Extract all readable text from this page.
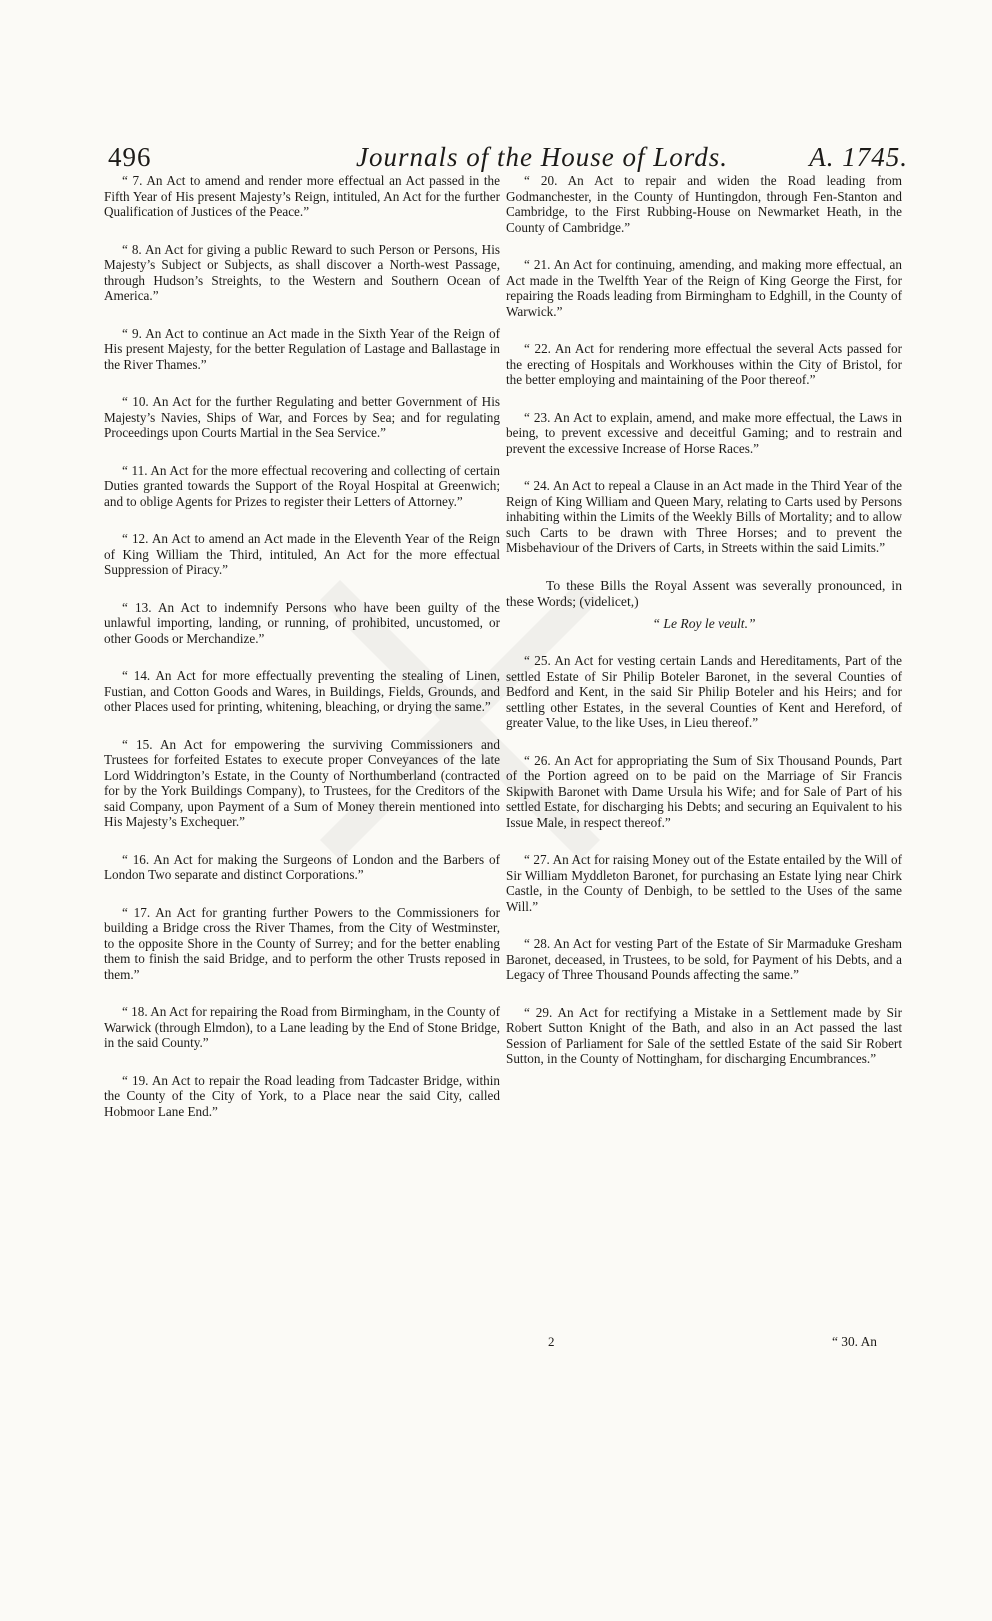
496	Journals of the House of Lords.	A. 1745.

“ 7. An Act to amend and render more effectual an Act passed in the Fifth Year of His present Majesty’s Reign, intituled, An Act for the further Qualification of Justices of the Peace.”

“ 8. An Act for giving a public Reward to such Person or Persons, His Majesty’s Subject or Subjects, as shall discover a North-west Passage, through Hudson’s Streights, to the Western and Southern Ocean of America.”

“ 9. An Act to continue an Act made in the Sixth Year of the Reign of His present Majesty, for the better Regulation of Lastage and Ballastage in the River Thames.”

“ 10. An Act for the further Regulating and better Government of His Majesty’s Navies, Ships of War, and Forces by Sea; and for regulating Proceedings upon Courts Martial in the Sea Service.”

“ 11. An Act for the more effectual recovering and collecting of certain Duties granted towards the Support of the Royal Hospital at Greenwich; and to oblige Agents for Prizes to register their Letters of Attorney.”

“ 12. An Act to amend an Act made in the Eleventh Year of the Reign of King William the Third, intituled, An Act for the more effectual Suppression of Piracy.”

“ 13. An Act to indemnify Persons who have been guilty of the unlawful importing, landing, or running, of prohibited, uncustomed, or other Goods or Merchandize.”

“ 14. An Act for more effectually preventing the stealing of Linen, Fustian, and Cotton Goods and Wares, in Buildings, Fields, Grounds, and other Places used for printing, whitening, bleaching, or drying the same.”

“ 15. An Act for empowering the surviving Commissioners and Trustees for forfeited Estates to execute proper Conveyances of the late Lord Widdrington’s Estate, in the County of Northumberland (contracted for by the York Buildings Company), to Trustees, for the Creditors of the said Company, upon Payment of a Sum of Money therein mentioned into His Majesty’s Exchequer.”

“ 16. An Act for making the Surgeons of London and the Barbers of London Two separate and distinct Corporations.”

“ 17. An Act for granting further Powers to the Commissioners for building a Bridge cross the River Thames, from the City of Westminster, to the opposite Shore in the County of Surrey; and for the better enabling them to finish the said Bridge, and to perform the other Trusts reposed in them.”

“ 18. An Act for repairing the Road from Birmingham, in the County of Warwick (through Elmdon), to a Lane leading by the End of Stone Bridge, in the said County.”

“ 19. An Act to repair the Road leading from Tadcaster Bridge, within the County of the City of York, to a Place near the said City, called Hobmoor Lane End.”

“ 20. An Act to repair and widen the Road leading from Godmanchester, in the County of Huntingdon, through Fen-Stanton and Cambridge, to the First Rubbing-House on Newmarket Heath, in the County of Cambridge.”

“ 21. An Act for continuing, amending, and making more effectual, an Act made in the Twelfth Year of the Reign of King George the First, for repairing the Roads leading from Birmingham to Edghill, in the County of Warwick.”

“ 22. An Act for rendering more effectual the several Acts passed for the erecting of Hospitals and Workhouses within the City of Bristol, for the better employing and maintaining of the Poor thereof.”

“ 23. An Act to explain, amend, and make more effectual, the Laws in being, to prevent excessive and deceitful Gaming; and to restrain and prevent the excessive Increase of Horse Races.”

“ 24. An Act to repeal a Clause in an Act made in the Third Year of the Reign of King William and Queen Mary, relating to Carts used by Persons inhabiting within the Limits of the Weekly Bills of Mortality; and to allow such Carts to be drawn with Three Horses; and to prevent the Misbehaviour of the Drivers of Carts, in Streets within the said Limits.”

To these Bills the Royal Assent was severally pronounced, in these Words; (videlicet,)

“ Le Roy le veult.”

“ 25. An Act for vesting certain Lands and Hereditaments, Part of the settled Estate of Sir Philip Boteler Baronet, in the several Counties of Bedford and Kent, in the said Sir Philip Boteler and his Heirs; and for settling other Estates, in the several Counties of Kent and Hereford, of greater Value, to the like Uses, in Lieu thereof.”

“ 26. An Act for appropriating the Sum of Six Thousand Pounds, Part of the Portion agreed on to be paid on the Marriage of Sir Francis Skipwith Baronet with Dame Ursula his Wife; and for Sale of Part of his settled Estate, for discharging his Debts; and securing an Equivalent to his Issue Male, in respect thereof.”

“ 27. An Act for raising Money out of the Estate entailed by the Will of Sir William Myddleton Baronet, for purchasing an Estate lying near Chirk Castle, in the County of Denbigh, to be settled to the Uses of the same Will.”

“ 28. An Act for vesting Part of the Estate of Sir Marmaduke Gresham Baronet, deceased, in Trustees, to be sold, for Payment of his Debts, and a Legacy of Three Thousand Pounds affecting the same.”

“ 29. An Act for rectifying a Mistake in a Settlement made by Sir Robert Sutton Knight of the Bath, and also in an Act passed the last Session of Parliament for Sale of the settled Estate of the said Sir Robert Sutton, in the County of Nottingham, for discharging Encumbrances.”

2	“ 30. An
